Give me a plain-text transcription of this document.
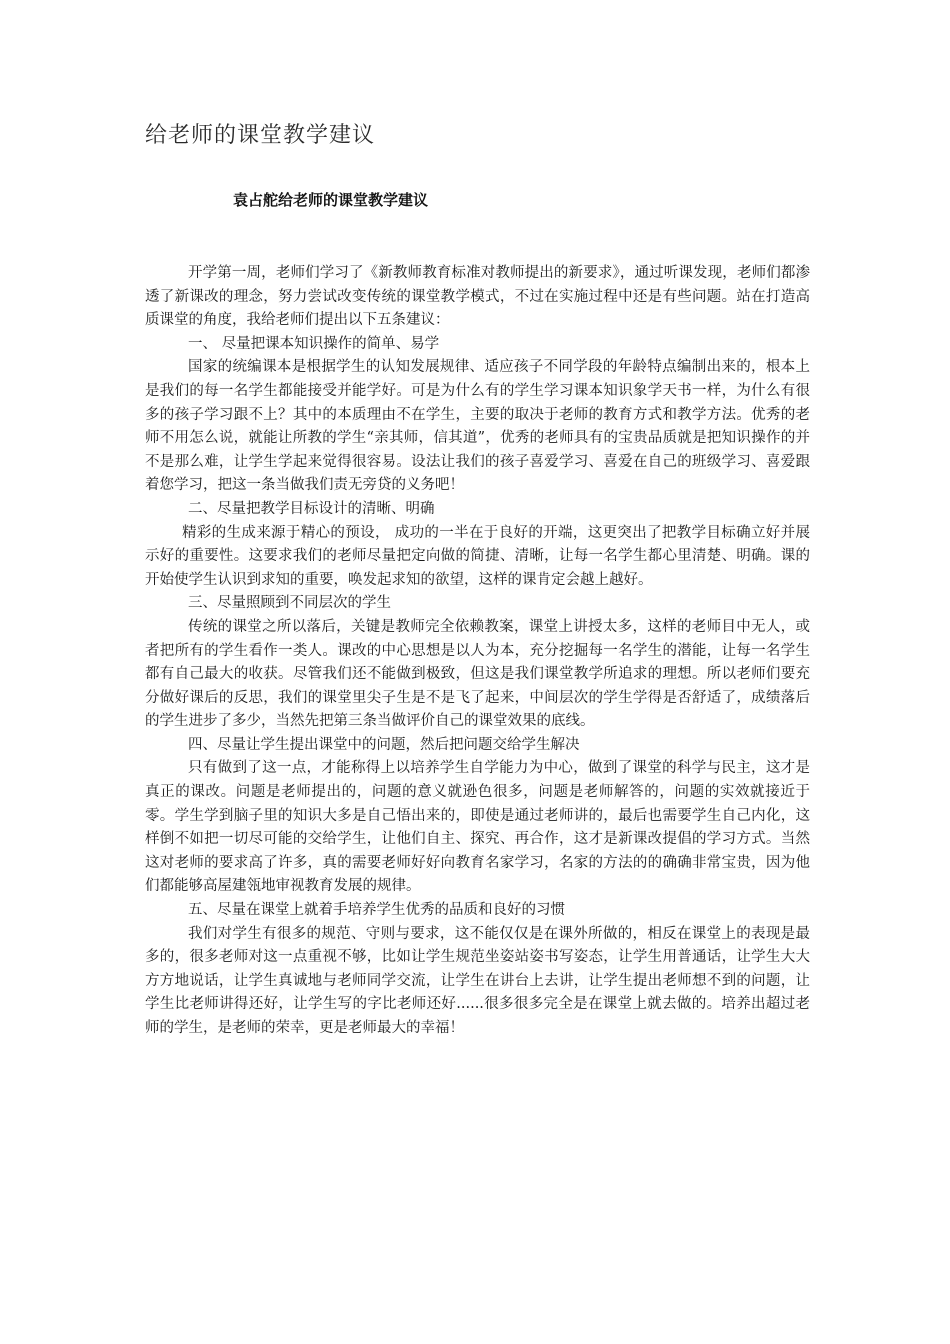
给老师的课堂教学建议
袁占舵给老师的课堂教学建议

开学第一周，老师们学习了《新教师教育标准对教师提出的新要求》，通过听课发现，老师们都渗透了新课改的理念，努力尝试改变传统的课堂教学模式，不过在实施过程中还是有些问题。站在打造高质课堂的角度，我给老师们提出以下五条建议：

一、 尽量把课本知识操作的简单、易学

国家的统编课本是根据学生的认知发展规律、适应孩子不同学段的年龄特点编制出来的，根本上是我们的每一名学生都能接受并能学好。可是为什么有的学生学习课本知识象学天书一样，为什么有很多的孩子学习跟不上？其中的本质理由不在学生，主要的取决于老师的教育方式和教学方法。优秀的老师不用怎么说，就能让所教的学生“亲其师，信其道”，优秀的老师具有的宝贵品质就是把知识操作的并不是那么难，让学生学起来觉得很容易。设法让我们的孩子喜爱学习、喜爱在自己的班级学习、喜爱跟着您学习，把这一条当做我们责无旁贷的义务吧！

二、尽量把教学目标设计的清晰、明确

精彩的生成来源于精心的预设， 成功的一半在于良好的开端，这更突出了把教学目标确立好并展示好的重要性。这要求我们的老师尽量把定向做的简捷、清晰，让每一名学生都心里清楚、明确。课的开始使学生认识到求知的重要，唤发起求知的欲望，这样的课肯定会越上越好。

三、尽量照顾到不同层次的学生

传统的课堂之所以落后，关键是教师完全依赖教案，课堂上讲授太多，这样的老师目中无人，或者把所有的学生看作一类人。课改的中心思想是以人为本，充分挖掘每一名学生的潜能，让每一名学生都有自己最大的收获。尽管我们还不能做到极致，但这是我们课堂教学所追求的理想。所以老师们要充分做好课后的反思，我们的课堂里尖子生是不是飞了起来，中间层次的学生学得是否舒适了，成绩落后的学生进步了多少，当然先把第三条当做评价自己的课堂效果的底线。

四、尽量让学生提出课堂中的问题，然后把问题交给学生解决

只有做到了这一点，才能称得上以培养学生自学能力为中心，做到了课堂的科学与民主，这才是真正的课改。问题是老师提出的，问题的意义就逊色很多，问题是老师解答的，问题的实效就接近于零。学生学到脑子里的知识大多是自己悟出来的，即使是通过老师讲的，最后也需要学生自己内化，这样倒不如把一切尽可能的交给学生，让他们自主、探究、再合作，这才是新课改提倡的学习方式。当然这对老师的要求高了许多，真的需要老师好好向教育名家学习，名家的方法的的确确非常宝贵，因为他们都能够高屋建瓴地审视教育发展的规律。

五、尽量在课堂上就着手培养学生优秀的品质和良好的习惯

我们对学生有很多的规范、守则与要求，这不能仅仅是在课外所做的，相反在课堂上的表现是最多的，很多老师对这一点重视不够，比如让学生规范坐姿站姿书写姿态，让学生用普通话，让学生大大方方地说话，让学生真诚地与老师同学交流，让学生在讲台上去讲，让学生提出老师想不到的问题，让学生比老师讲得还好，让学生写的字比老师还好......很多很多完全是在课堂上就去做的。培养出超过老师的学生，是老师的荣幸，更是老师最大的幸福！
